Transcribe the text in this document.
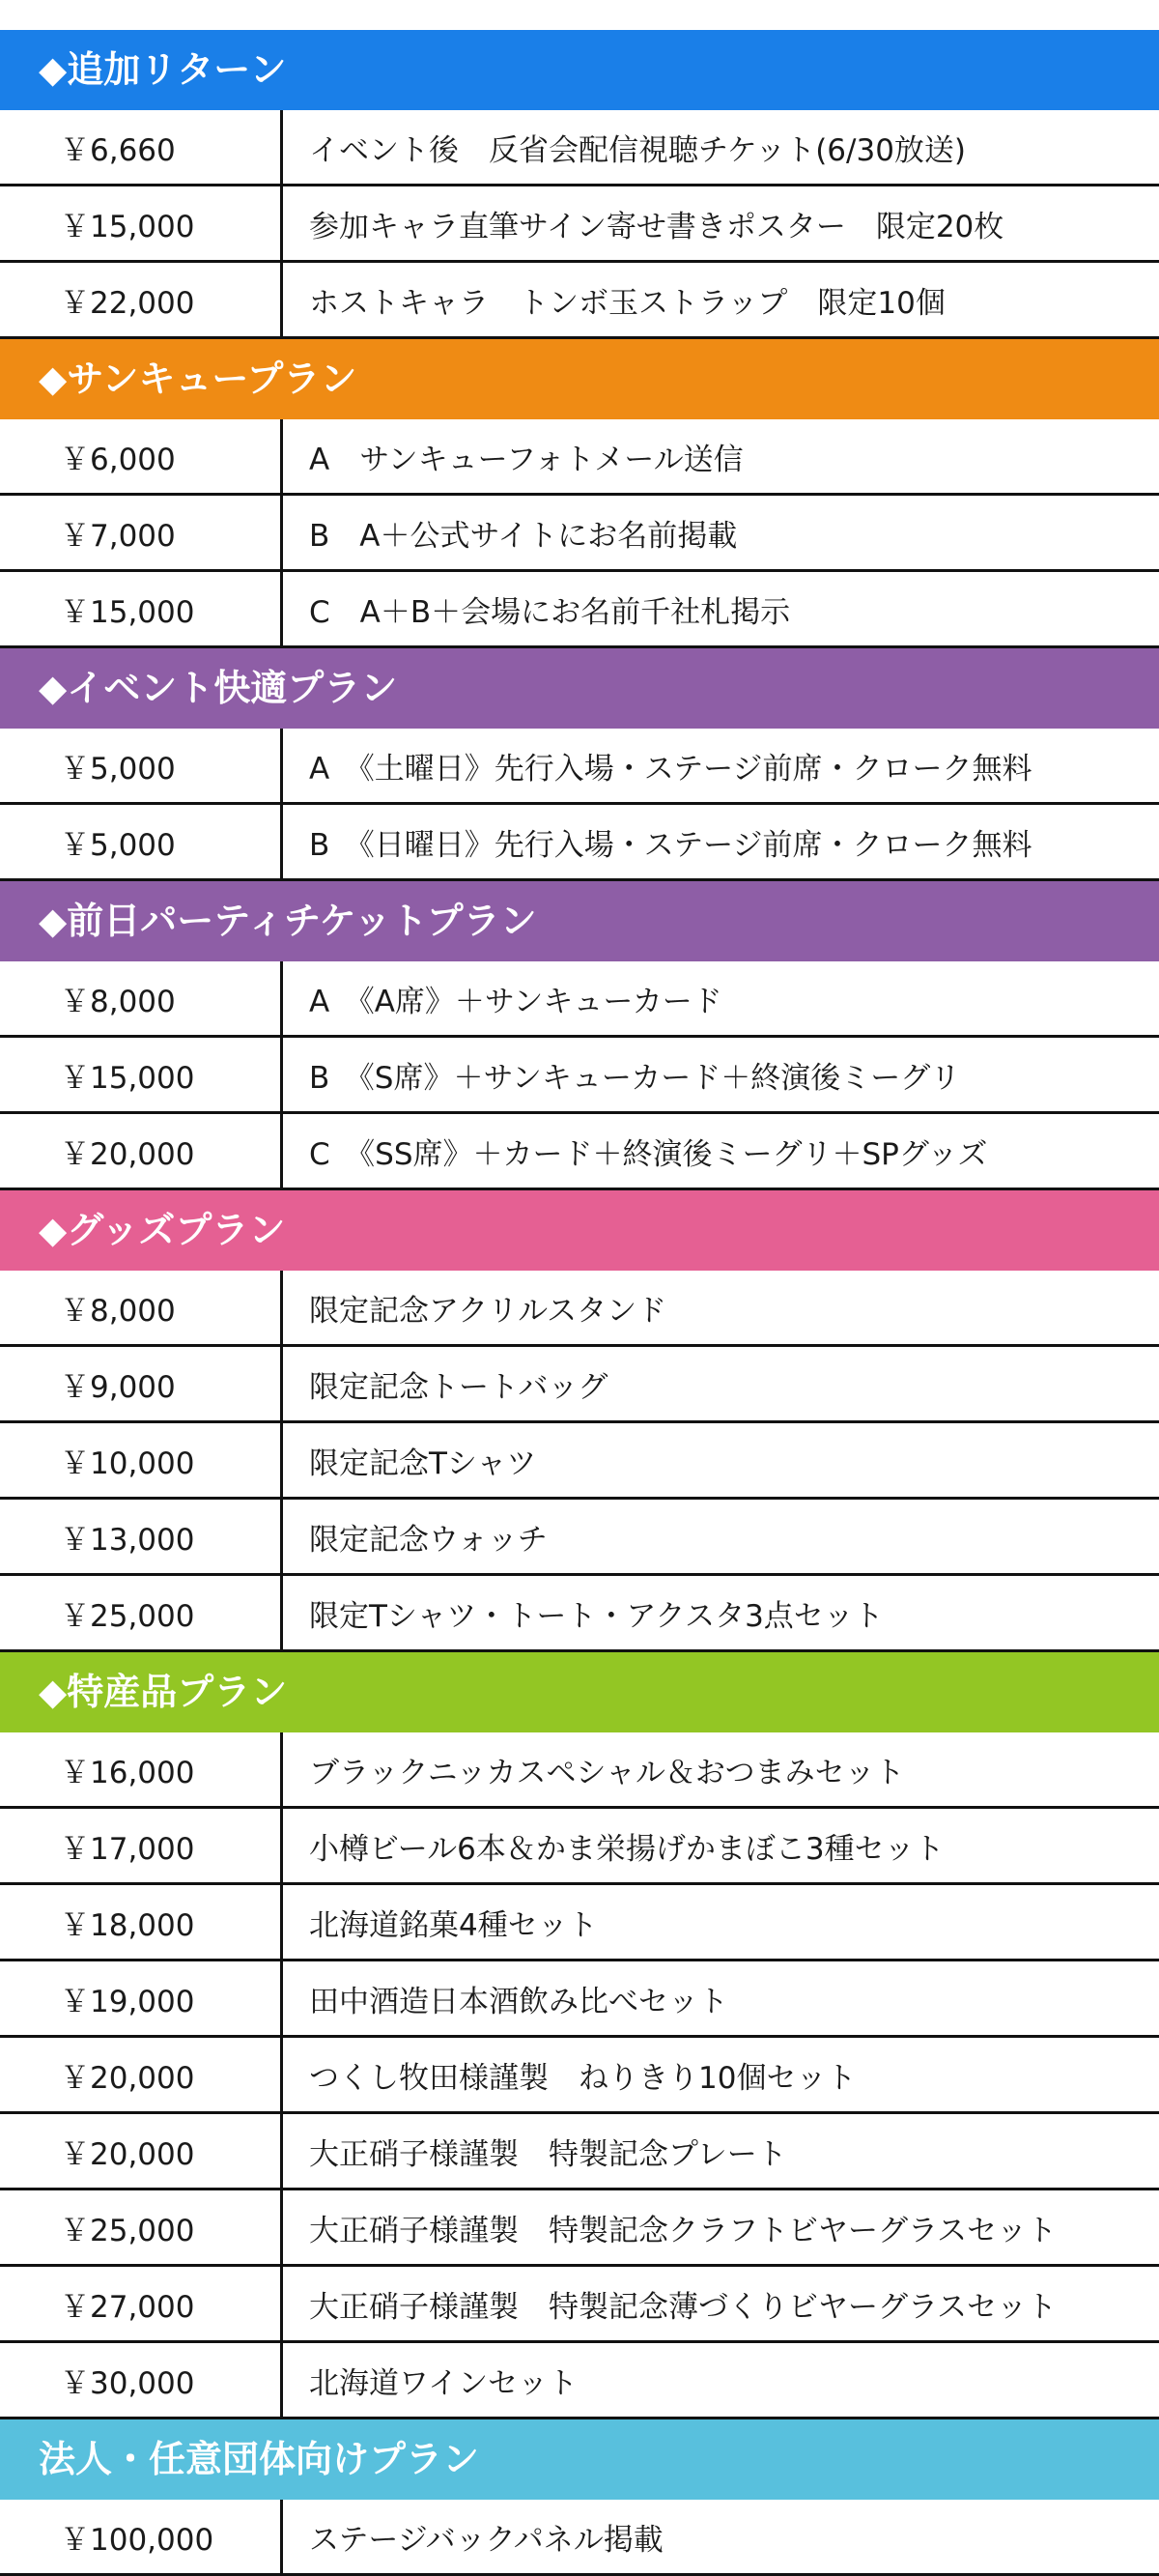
◆追加リターン
￥6,660	イベント後　反省会配信視聴チケット(6/30放送)
￥15,000	参加キャラ直筆サイン寄せ書きポスター　限定20枚
￥22,000	ホストキャラ　トンボ玉ストラップ　限定10個
◆サンキュープラン
￥6,000	A　サンキューフォトメール送信
￥7,000	B　A＋公式サイトにお名前掲載
￥15,000	C　A＋B＋会場にお名前千社札掲示
◆イベント快適プラン
￥5,000	A　《土曜日》先行入場・ステージ前席・クローク無料
￥5,000	B　《日曜日》先行入場・ステージ前席・クローク無料
◆前日パーティチケットプラン
￥8,000	A　《A席》＋サンキューカード
￥15,000	B　《S席》＋サンキューカード＋終演後ミーグリ
￥20,000	C　《SS席》＋カード＋終演後ミーグリ＋SPグッズ
◆グッズプラン
￥8,000	限定記念アクリルスタンド
￥9,000	限定記念トートバッグ
￥10,000	限定記念Tシャツ
￥13,000	限定記念ウォッチ
￥25,000	限定Tシャツ・トート・アクスタ3点セット
◆特産品プラン
￥16,000	ブラックニッカスペシャル＆おつまみセット
￥17,000	小樽ビール6本＆かま栄揚げかまぼこ3種セット
￥18,000	北海道銘菓4種セット
￥19,000	田中酒造日本酒飲み比べセット
￥20,000	つくし牧田様謹製　ねりきり10個セット
￥20,000	大正硝子様謹製　特製記念プレート
￥25,000	大正硝子様謹製　特製記念クラフトビヤーグラスセット
￥27,000	大正硝子様謹製　特製記念薄づくりビヤーグラスセット
￥30,000	北海道ワインセット
法人・任意団体向けプラン
￥100,000	ステージバックパネル掲載
